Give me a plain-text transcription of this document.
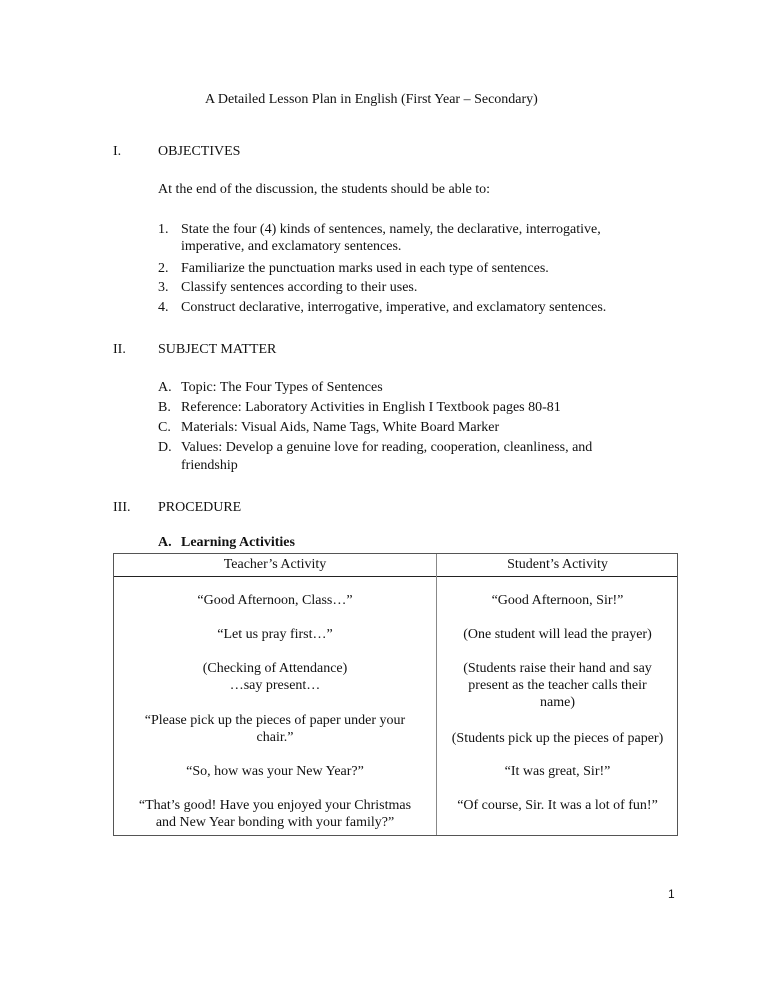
A Detailed Lesson Plan in English (First Year – Secondary)
I.	OBJECTIVES
At the end of the discussion, the students should be able to:
1. State the four (4) kinds of sentences, namely, the declarative, interrogative,
imperative, and exclamatory sentences.
2. Familiarize the punctuation marks used in each type of sentences.
3. Classify sentences according to their uses.
4. Construct declarative, interrogative, imperative, and exclamatory sentences.
II. SUBJECT MATTER
A. Topic: The Four Types of Sentences
B. Reference: Laboratory Activities in English I Textbook pages 80-81
C. Materials: Visual Aids, Name Tags, White Board Marker
D. Values: Develop a genuine love for reading, cooperation, cleanliness, and
friendship
III. PROCEDURE
A. Learning Activities
Teacher’s Activity	Student’s Activity
“Good Afternoon, Class…”
“Let us pray first…”
(Checking of Attendance)
…say present…
“Please pick up the pieces of paper under your
chair.”
“So, how was your New Year?”
“That’s good! Have you enjoyed your Christmas
and New Year bonding with your family?”
“Good Afternoon, Sir!”
(One student will lead the prayer)
(Students raise their hand and say
present as the teacher calls their
name)
(Students pick up the pieces of paper)
“It was great, Sir!”
“Of course, Sir. It was a lot of fun!”
1
